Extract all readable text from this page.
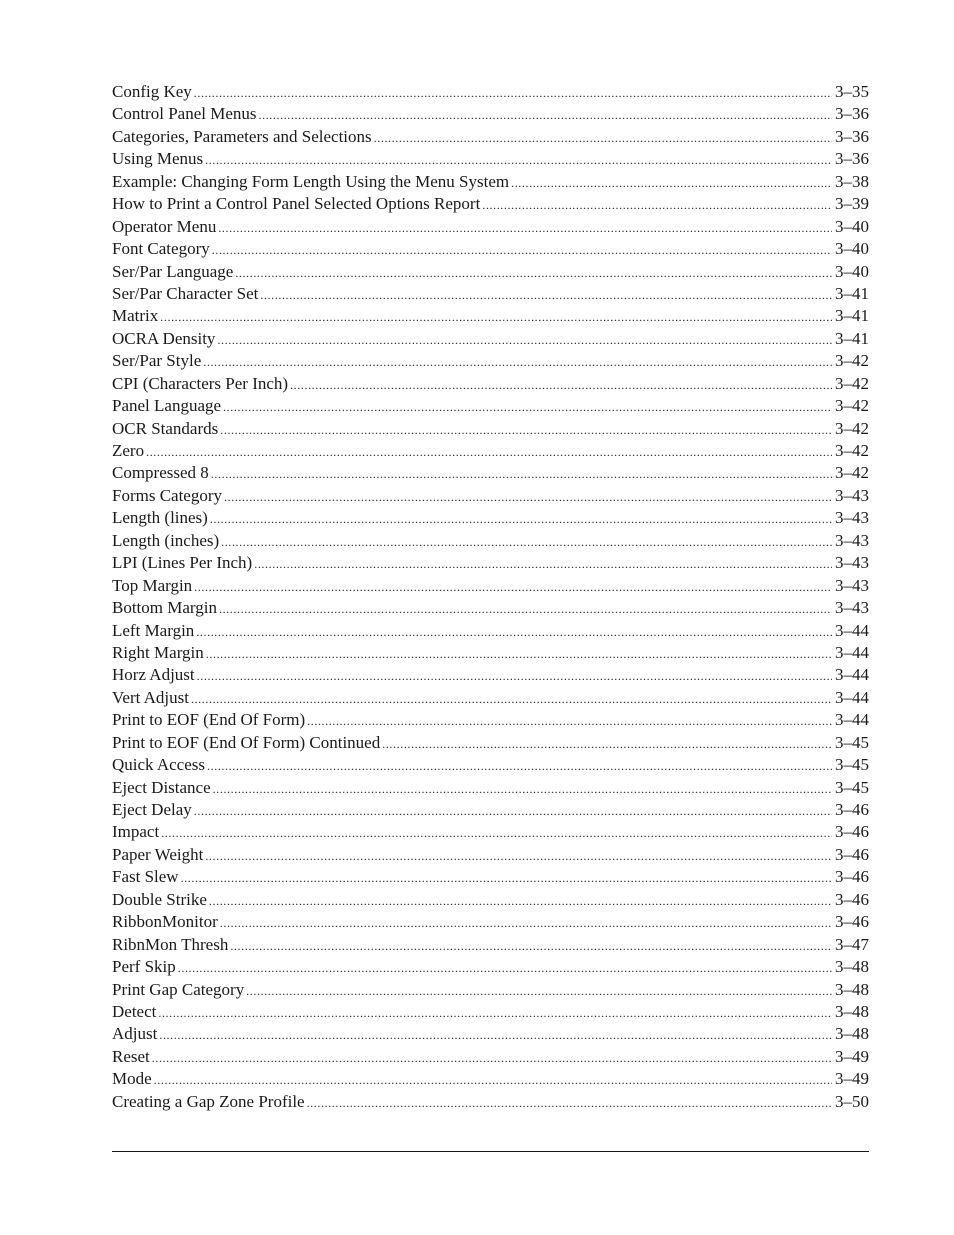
Config Key .....	3–35
Control Panel Menus .....	3–36
Categories, Parameters and Selections .....	3–36
Using Menus .....	3–36
Example: Changing Form Length Using the Menu System .....	3–38
How to Print a Control Panel Selected Options Report .....	3–39
Operator Menu .....	3–40
Font Category .....	3–40
Ser/Par Language .....	3–40
Ser/Par Character Set .....	3–41
Matrix .....	3–41
OCRA Density .....	3–41
Ser/Par Style .....	3–42
CPI (Characters Per Inch) .....	3–42
Panel Language .....	3–42
OCR Standards .....	3–42
Zero .....	3–42
Compressed 8 .....	3–42
Forms Category .....	3–43
Length (lines) .....	3–43
Length (inches) .....	3–43
LPI (Lines Per Inch) .....	3–43
Top Margin .....	3–43
Bottom Margin .....	3–43
Left Margin .....	3–44
Right Margin .....	3–44
Horz Adjust .....	3–44
Vert Adjust .....	3–44
Print to EOF (End Of Form) .....	3–44
Print to EOF (End Of Form) Continued .....	3–45
Quick Access .....	3–45
Eject Distance .....	3–45
Eject Delay .....	3–46
Impact .....	3–46
Paper Weight .....	3–46
Fast Slew .....	3–46
Double Strike .....	3–46
RibbonMonitor .....	3–46
RibnMon Thresh .....	3–47
Perf Skip .....	3–48
Print Gap Category .....	3–48
Detect .....	3–48
Adjust .....	3–48
Reset .....	3–49
Mode .....	3–49
Creating a Gap Zone Profile .....	3–50
